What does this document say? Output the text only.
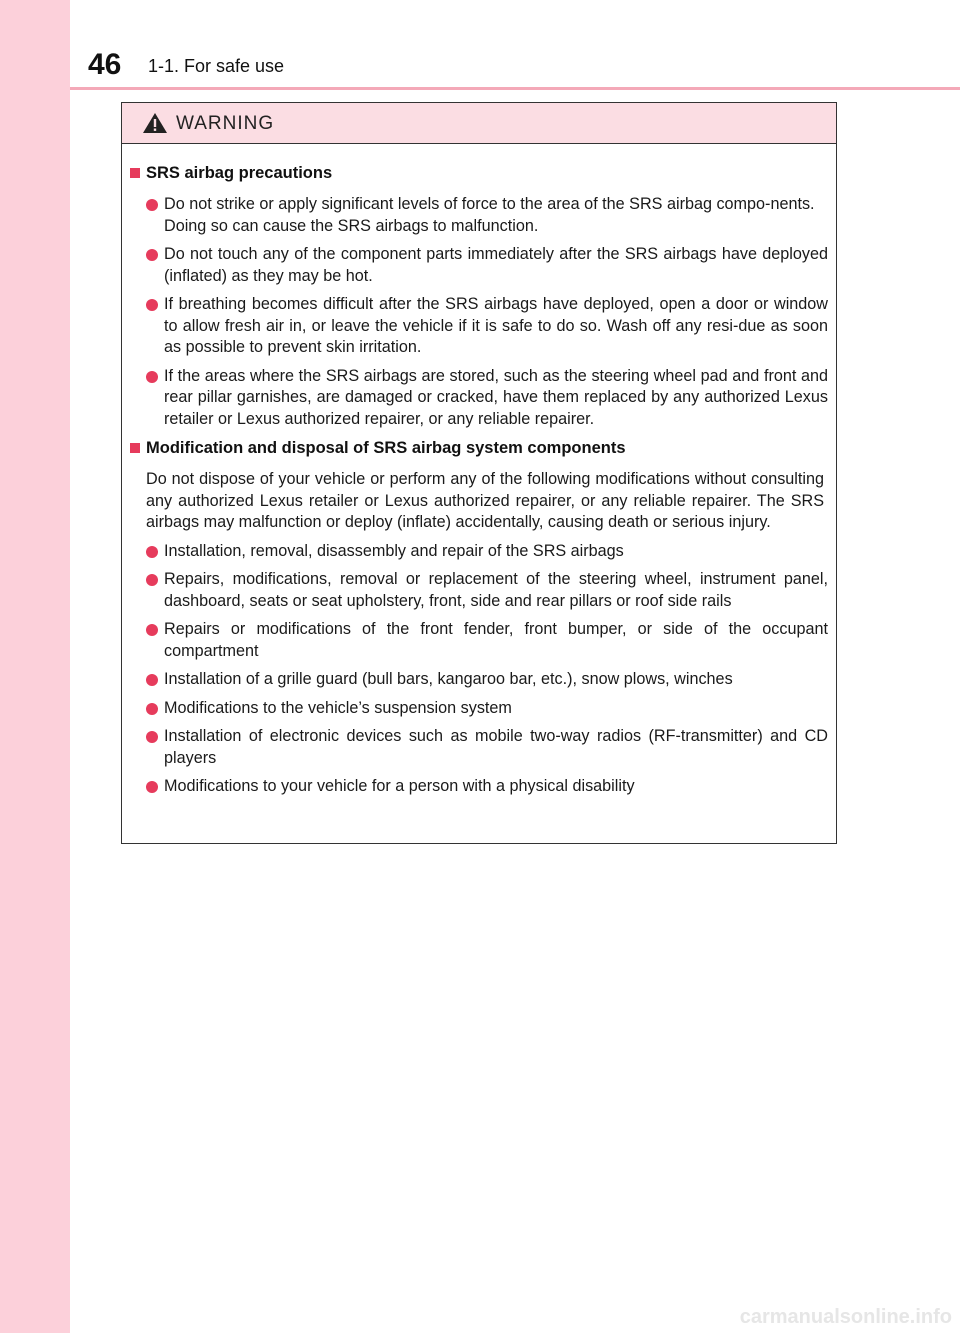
46 1-1. For safe use
WARNING
SRS airbag precautions
Do not strike or apply significant levels of force to the area of the SRS airbag compo-nents.
Doing so can cause the SRS airbags to malfunction.
Do not touch any of the component parts immediately after the SRS airbags have deployed (inflated) as they may be hot.
If breathing becomes difficult after the SRS airbags have deployed, open a door or window to allow fresh air in, or leave the vehicle if it is safe to do so. Wash off any resi-due as soon as possible to prevent skin irritation.
If the areas where the SRS airbags are stored, such as the steering wheel pad and front and rear pillar garnishes, are damaged or cracked, have them replaced by any authorized Lexus retailer or Lexus authorized repairer, or any reliable repairer.
Modification and disposal of SRS airbag system components
Do not dispose of your vehicle or perform any of the following modifications without consulting any authorized Lexus retailer or Lexus authorized repairer, or any reliable repairer. The SRS airbags may malfunction or deploy (inflate) accidentally, causing death or serious injury.
Installation, removal, disassembly and repair of the SRS airbags
Repairs, modifications, removal or replacement of the steering wheel, instrument panel, dashboard, seats or seat upholstery, front, side and rear pillars or roof side rails
Repairs or modifications of the front fender, front bumper, or side of the occupant compartment
Installation of a grille guard (bull bars, kangaroo bar, etc.), snow plows, winches
Modifications to the vehicle’s suspension system
Installation of electronic devices such as mobile two-way radios (RF-transmitter) and CD players
Modifications to your vehicle for a person with a physical disability
carmanualsonline.info
